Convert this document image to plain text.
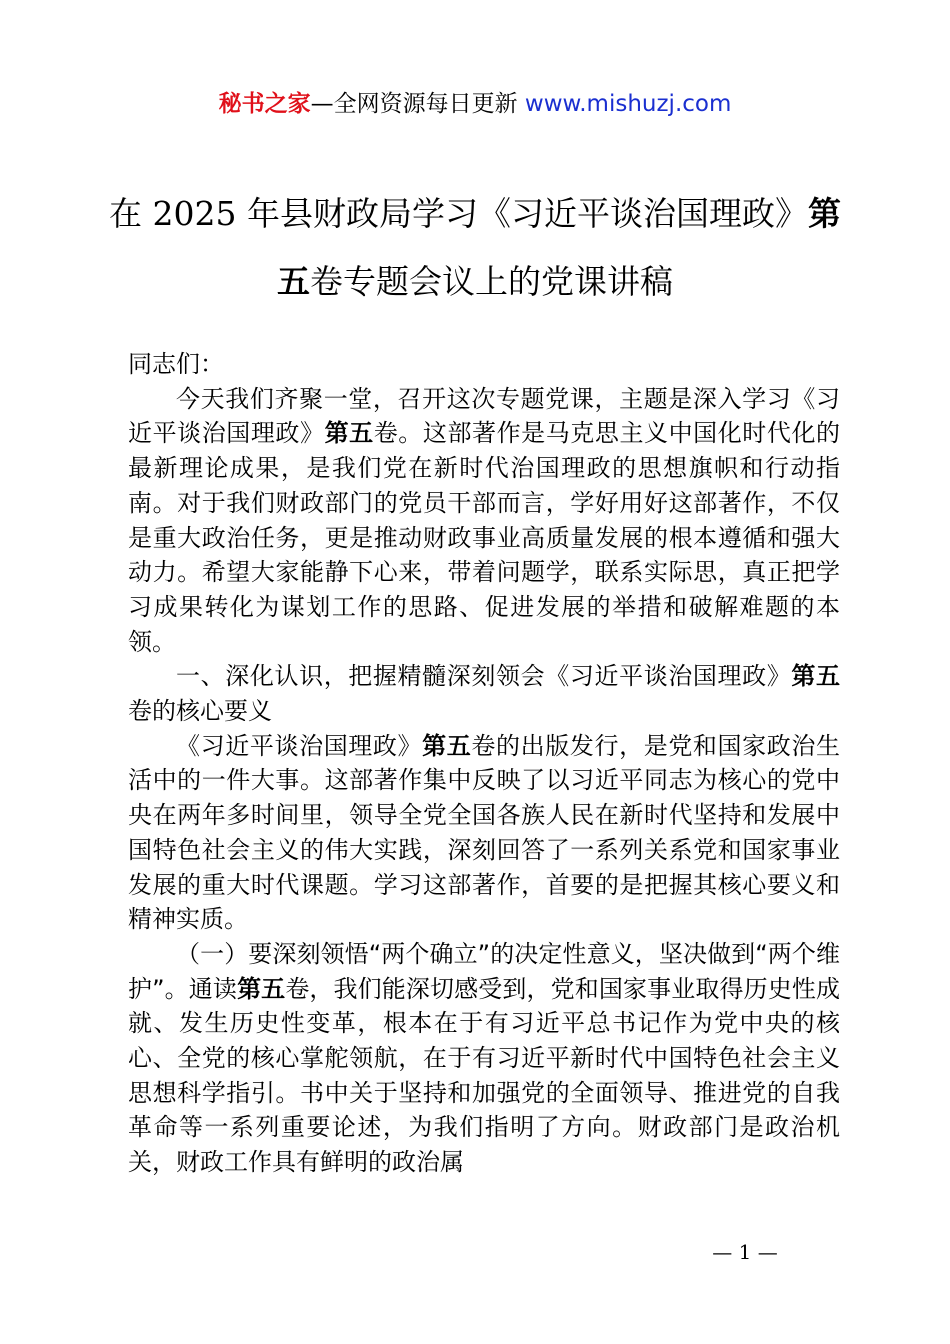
秘书之家—全网资源每日更新 www.mishuzj.com
在 2025 年县财政局学习《习近平谈治国理政》第五卷专题会议上的党课讲稿

同志们：

今天我们齐聚一堂，召开这次专题党课，主题是深入学习《习近平谈治国理政》第五卷。这部著作是马克思主义中国化时代化的最新理论成果，是我们党在新时代治国理政的思想旗帜和行动指南。对于我们财政部门的党员干部而言，学好用好这部著作，不仅是重大政治任务，更是推动财政事业高质量发展的根本遵循和强大动力。希望大家能静下心来，带着问题学，联系实际思，真正把学习成果转化为谋划工作的思路、促进发展的举措和破解难题的本领。

一、深化认识，把握精髓深刻领会《习近平谈治国理政》第五卷的核心要义

《习近平谈治国理政》第五卷的出版发行，是党和国家政治生活中的一件大事。这部著作集中反映了以习近平同志为核心的党中央在两年多时间里，领导全党全国各族人民在新时代坚持和发展中国特色社会主义的伟大实践，深刻回答了一系列关系党和国家事业发展的重大时代课题。学习这部著作，首要的是把握其核心要义和精神实质。

（一）要深刻领悟“两个确立”的决定性意义，坚决做到“两个维护”。通读第五卷，我们能深切感受到，党和国家事业取得历史性成就、发生历史性变革，根本在于有习近平总书记作为党中央的核心、全党的核心掌舵领航，在于有习近平新时代中国特色社会主义思想科学指引。书中关于坚持和加强党的全面领导、推进党的自我革命等一系列重要论述，为我们指明了方向。财政部门是政治机关，财政工作具有鲜明的政治属

— 1 —
